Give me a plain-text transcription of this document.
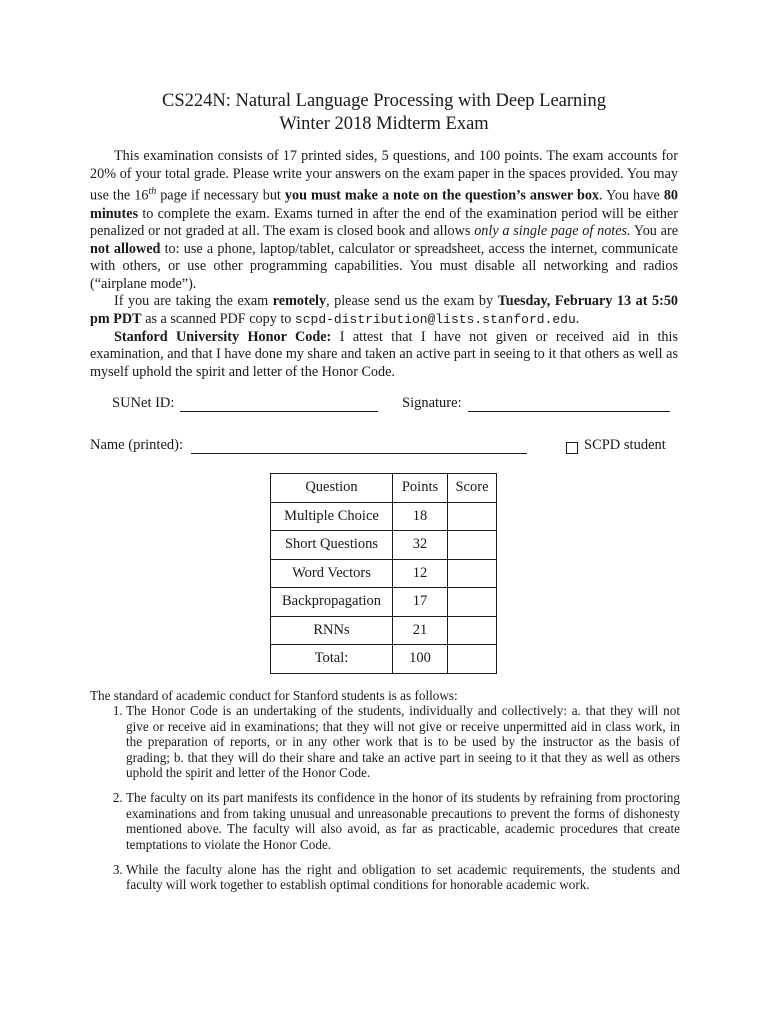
CS224N: Natural Language Processing with Deep Learning
Winter 2018 Midterm Exam

This examination consists of 17 printed sides, 5 questions, and 100 points. The exam accounts for 20% of your total grade. Please write your answers on the exam paper in the spaces provided. You may use the 16th page if necessary but you must make a note on the question’s answer box. You have 80 minutes to complete the exam. Exams turned in after the end of the examination period will be either penalized or not graded at all. The exam is closed book and allows only a single page of notes. You are not allowed to: use a phone, laptop/tablet, calculator or spreadsheet, access the internet, communicate with others, or use other programming capabilities. You must disable all networking and radios (“airplane mode”).

If you are taking the exam remotely, please send us the exam by Tuesday, February 13 at 5:50 pm PDT as a scanned PDF copy to scpd-distribution@lists.stanford.edu.

Stanford University Honor Code: I attest that I have not given or received aid in this examination, and that I have done my share and taken an active part in seeing to it that others as well as myself uphold the spirit and letter of the Honor Code.

SUNet ID:	Signature:
Name (printed):	SCPD student
Question	Points	Score
Multiple Choice	18	
Short Questions	32	
Word Vectors	12	
Backpropagation	17	
RNNs	21	
Total:	100	

The standard of academic conduct for Stanford students is as follows:

1. The Honor Code is an undertaking of the students, individually and collectively: a. that they will not give or receive aid in examinations; that they will not give or receive unpermitted aid in class work, in the preparation of reports, or in any other work that is to be used by the instructor as the basis of grading; b. that they will do their share and take an active part in seeing to it that they as well as others uphold the spirit and letter of the Honor Code.
2. The faculty on its part manifests its confidence in the honor of its students by refraining from proctoring examinations and from taking unusual and unreasonable precautions to prevent the forms of dishonesty mentioned above. The faculty will also avoid, as far as practicable, academic procedures that create temptations to violate the Honor Code.
3. While the faculty alone has the right and obligation to set academic requirements, the students and faculty will work together to establish optimal conditions for honorable academic work.
